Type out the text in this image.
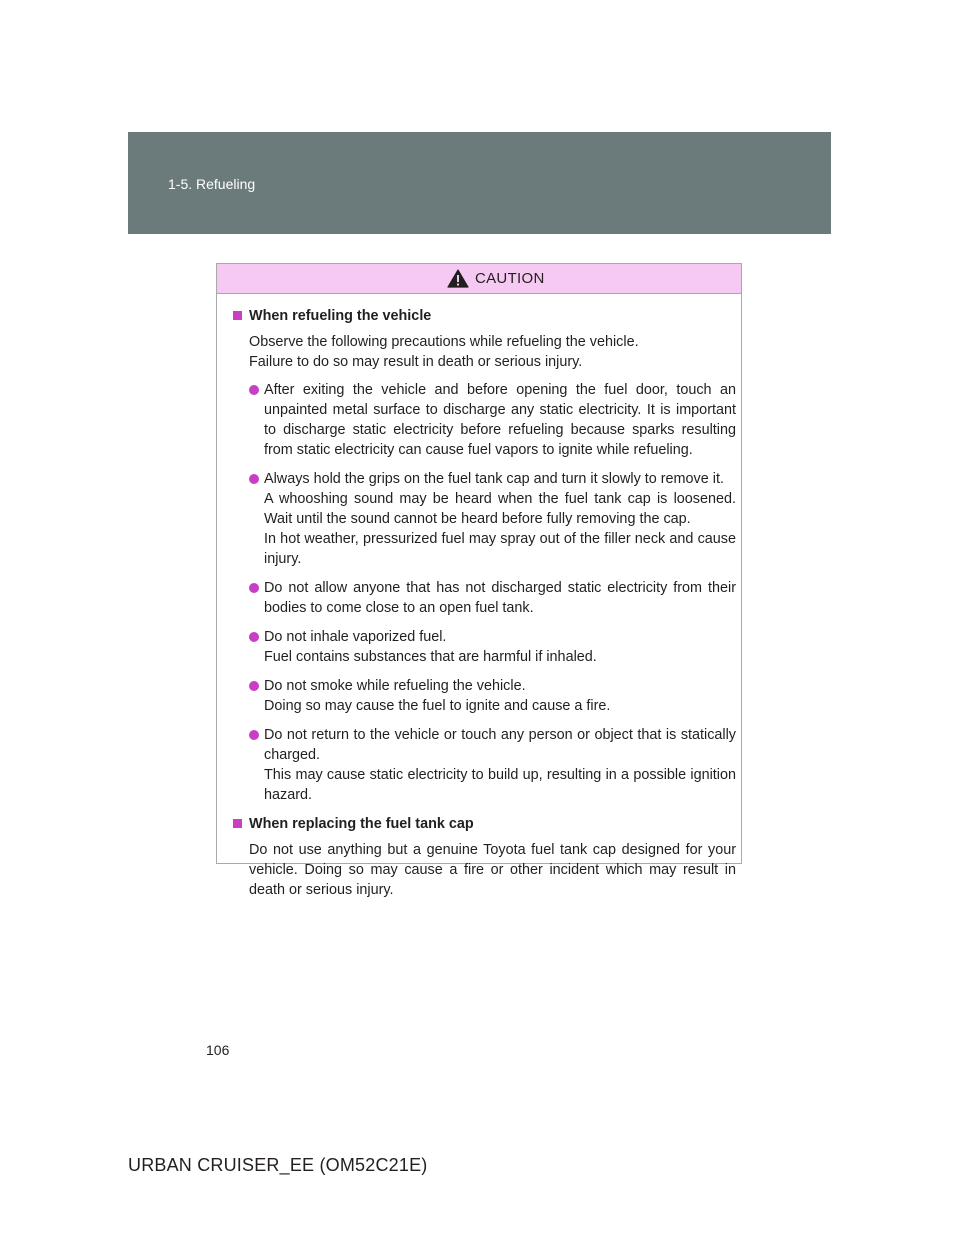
1-5. Refueling
CAUTION
When refueling the vehicle

Observe the following precautions while refueling the vehicle.
Failure to do so may result in death or serious injury.

After exiting the vehicle and before opening the fuel door, touch an unpainted metal surface to discharge any static electricity. It is important to discharge static electricity before refueling because sparks resulting from static electricity can cause fuel vapors to ignite while refueling.
Always hold the grips on the fuel tank cap and turn it slowly to remove it.
A whooshing sound may be heard when the fuel tank cap is loosened. Wait until the sound cannot be heard before fully removing the cap.
In hot weather, pressurized fuel may spray out of the filler neck and cause injury.
Do not allow anyone that has not discharged static electricity from their bodies to come close to an open fuel tank.
Do not inhale vaporized fuel.
Fuel contains substances that are harmful if inhaled.
Do not smoke while refueling the vehicle.
Doing so may cause the fuel to ignite and cause a fire.
Do not return to the vehicle or touch any person or object that is statically charged.
This may cause static electricity to build up, resulting in a possible ignition hazard.
When replacing the fuel tank cap

Do not use anything but a genuine Toyota fuel tank cap designed for your vehicle. Doing so may cause a fire or other incident which may result in death or serious injury.

106
URBAN CRUISER_EE (OM52C21E)
